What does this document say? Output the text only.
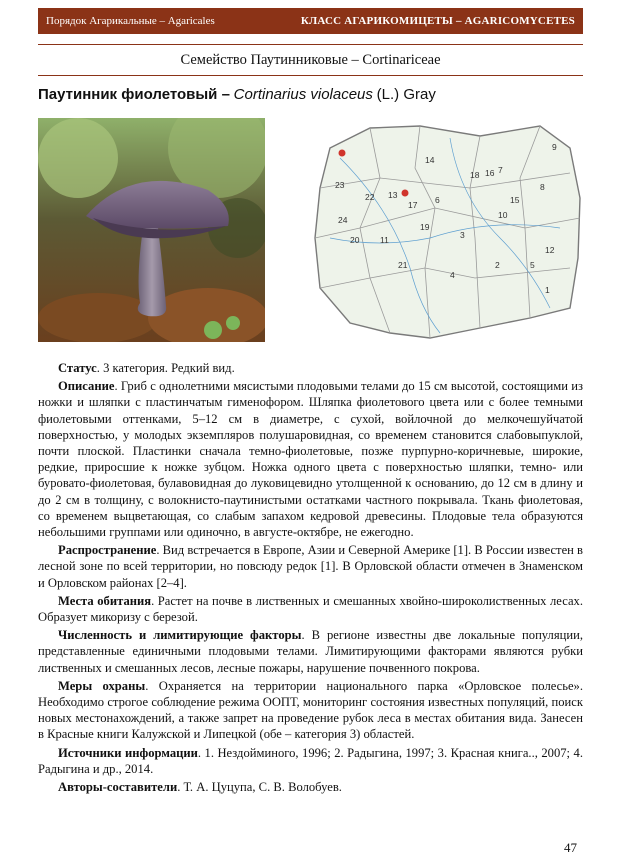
Порядок Агарикальные – Agaricales	КЛАСС АГАРИКОМИЦЕТЫ – AGARICOMYCETES
Семейство Паутинниковые – Cortinariceae
Паутинник фиолетовый – Cortinarius violaceus (L.) Gray
1
2
3
4
5
6
7
8
9
10
11
12
13
14
15
16
17
18
19
20
21
22
23
24

Статус. 3 категория. Редкий вид.

Описание. Гриб с однолетними мясистыми плодовыми телами до 15 см высотой, состоящими из ножки и шляпки с пластинчатым гименофором. Шляпка фиолетового цвета или с более темными фиолетовыми оттенками, 5–12 см в диаметре, с сухой, войлочной до мелкочешуйчатой поверхностью, у молодых экземпляров полушаровидная, со временем становится слабовыпуклой, почти плоской. Пластинки сначала темно-фиолетовые, позже пурпурно-коричневые, широкие, редкие, приросшие к ножке зубцом. Ножка одного цвета с поверхностью шляпки, темно- или буровато-фиолетовая, булавовидная до луковицевидно утолщенной к основанию, до 12 см в длину и до 2 см в толщину, с волокнисто-паутинистыми остатками частного покрывала. Ткань фиолетовая, со временем выцветающая, со слабым запахом кедровой древесины. Плодовые тела образуются небольшими группами или одиночно, в августе-октябре, не ежегодно.

Распространение. Вид встречается в Европе, Азии и Северной Америке [1]. В России известен в лесной зоне по всей территории, но повсюду редок [1]. В Орловской области отмечен в Знаменском и Орловском районах [2–4].

Места обитания. Растет на почве в лиственных и смешанных хвойно-широколиственных лесах. Образует микоризу с березой.

Численность и лимитирующие факторы. В регионе известны две локальные популяции, представленные единичными плодовыми телами. Лимитирующими факторами являются рубки лиственных и смешанных лесов, лесные пожары, нарушение почвенного покрова.

Меры охраны. Охраняется на территории национального парка «Орловское полесье». Необходимо строгое соблюдение режима ООПТ, мониторинг состояния известных популяций, поиск новых местонахождений, а также запрет на проведение рубок леса в местах обитания вида. Занесен в Красные книги Калужской и Липецкой (обе – категория 3) областей.

Источники информации. 1. Нездойминого, 1996; 2. Радыгина, 1997; 3. Красная книга.., 2007; 4. Радыгина и др., 2014.

Авторы-составители. Т. А. Цуцупа, С. В. Волобуев.

47
